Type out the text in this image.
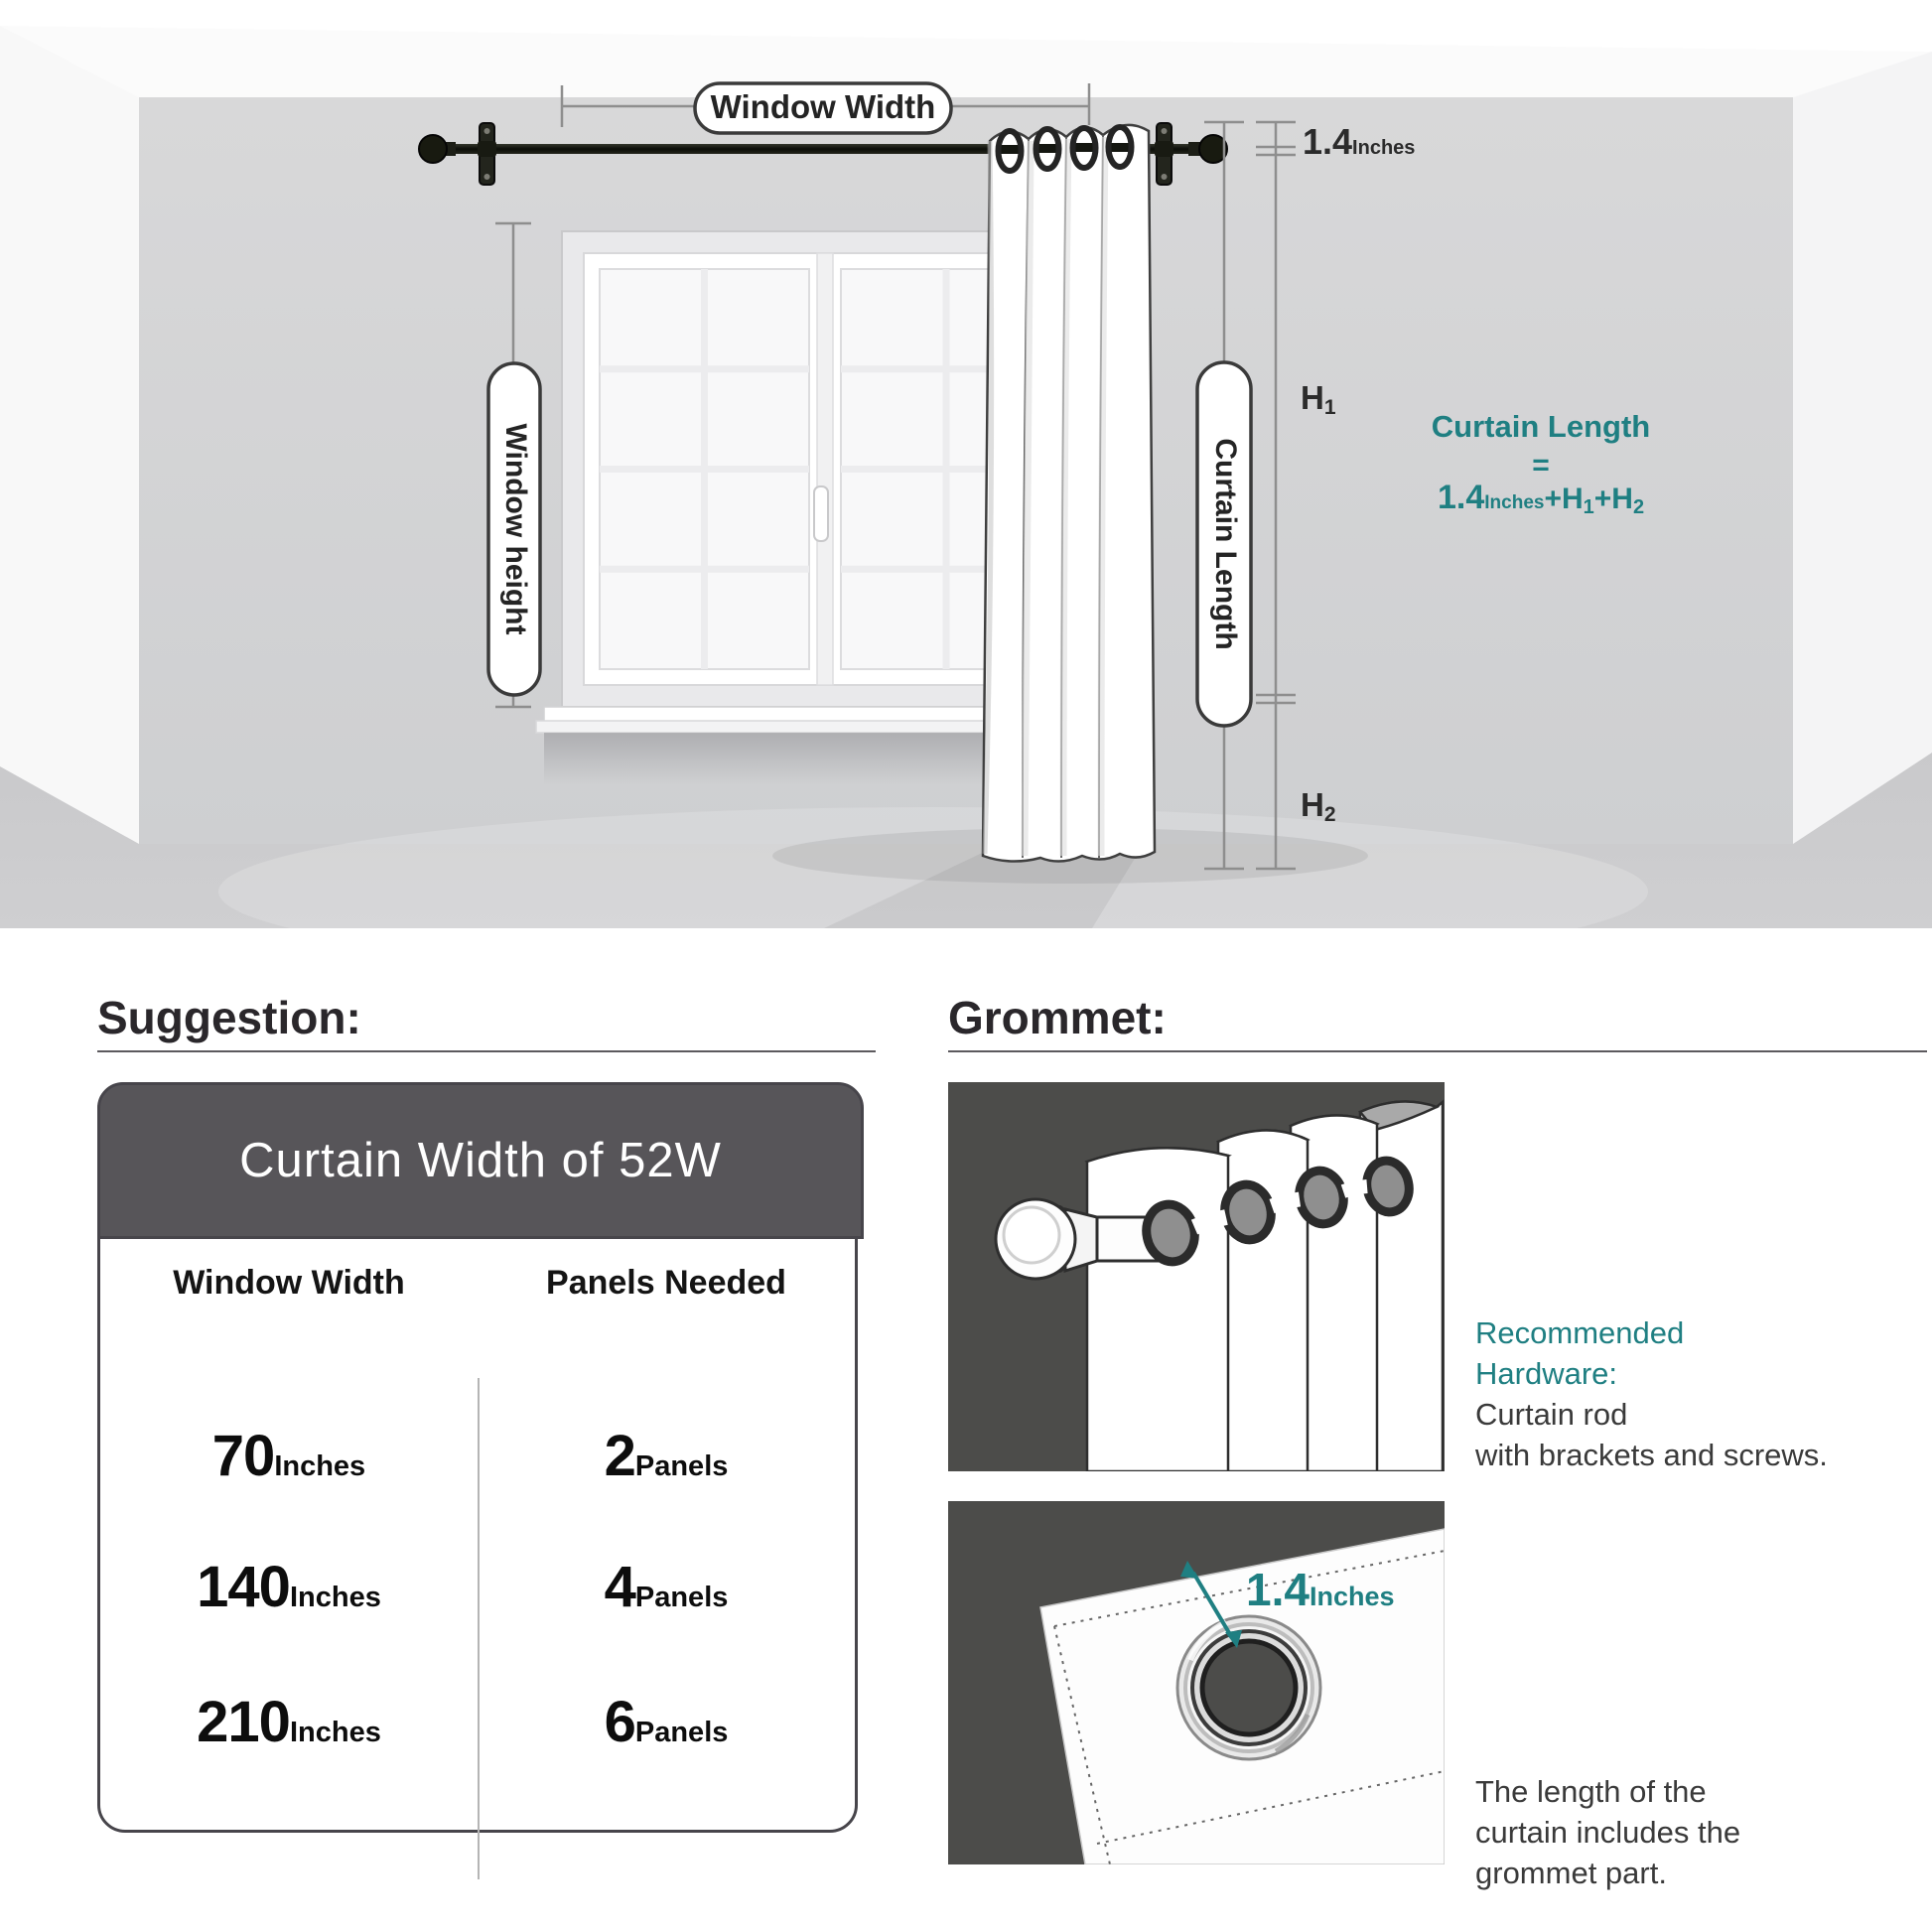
Window Width
Window height	Curtain Length
1.4Inches
H1
H2
Curtain Length
=
1.4Inches+H1+H2
Suggestion:	Grommet:
Curtain Width of 52W
Window Width	Panels Needed
70 Inches	2 Panels
140 Inches	4 Panels
210 Inches	6 Panels
1.4Inches
Recommended
Hardware:
Curtain rod
with brackets and screws.
The length of the
curtain includes the
grommet part.
